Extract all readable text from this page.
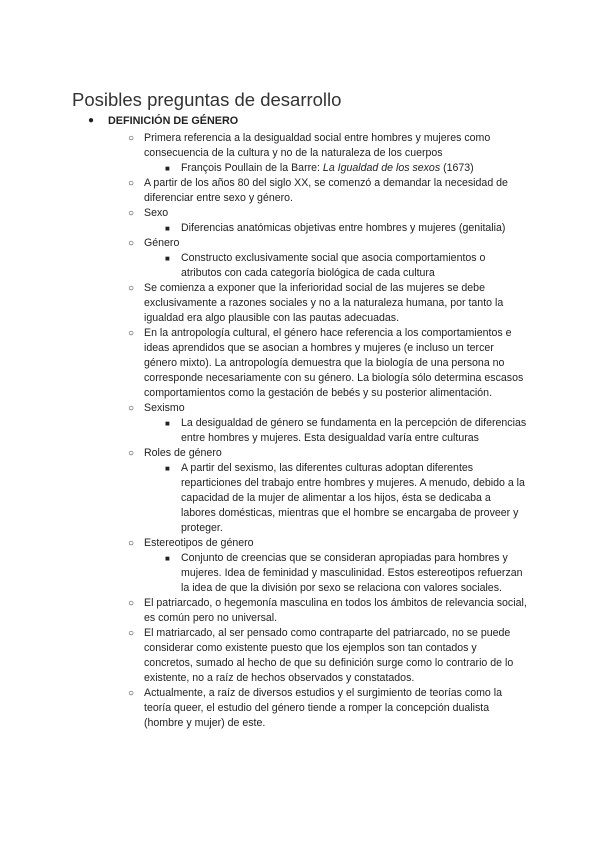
Posibles preguntas de desarrollo
● DEFINICIÓN DE GÉNERO
○ Primera referencia a la desigualdad social entre hombres y mujeres como consecuencia de la cultura y no de la naturaleza de los cuerpos
■ François Poullain de la Barre: La Igualdad de los sexos (1673)
○ A partir de los años 80 del siglo XX, se comenzó a demandar la necesidad de diferenciar entre sexo y género.
○ Sexo
■ Diferencias anatómicas objetivas entre hombres y mujeres (genitalia)
○ Género
■ Constructo exclusivamente social que asocia comportamientos o atributos con cada categoría biológica de cada cultura
○ Se comienza a exponer que la inferioridad social de las mujeres se debe exclusivamente a razones sociales y no a la naturaleza humana, por tanto la igualdad era algo plausible con las pautas adecuadas.
○ En la antropología cultural, el género hace referencia a los comportamientos e ideas aprendidos que se asocian a hombres y mujeres (e incluso un tercer género mixto). La antropología demuestra que la biología de una persona no corresponde necesariamente con su género. La biología sólo determina escasos comportamientos como la gestación de bebés y su posterior alimentación.
○ Sexismo
■ La desigualdad de género se fundamenta en la percepción de diferencias entre hombres y mujeres. Esta desigualdad varía entre culturas
○ Roles de género
■ A partir del sexismo, las diferentes culturas adoptan diferentes reparticiones del trabajo entre hombres y mujeres. A menudo, debido a la capacidad de la mujer de alimentar a los hijos, ésta se dedicaba a labores domésticas, mientras que el hombre se encargaba de proveer y proteger.
○ Estereotipos de género
■ Conjunto de creencias que se consideran apropiadas para hombres y mujeres. Idea de feminidad y masculinidad. Estos estereotipos refuerzan la idea de que la división por sexo se relaciona con valores sociales.
○ El patriarcado, o hegemonía masculina en todos los ámbitos de relevancia social, es común pero no universal.
○ El matriarcado, al ser pensado como contraparte del patriarcado, no se puede considerar como existente puesto que los ejemplos son tan contados y concretos, sumado al hecho de que su definición surge como lo contrario de lo existente, no a raíz de hechos observados y constatados.
○ Actualmente, a raíz de diversos estudios y el surgimiento de teorías como la teoría queer, el estudio del género tiende a romper la concepción dualista (hombre y mujer) de este.
